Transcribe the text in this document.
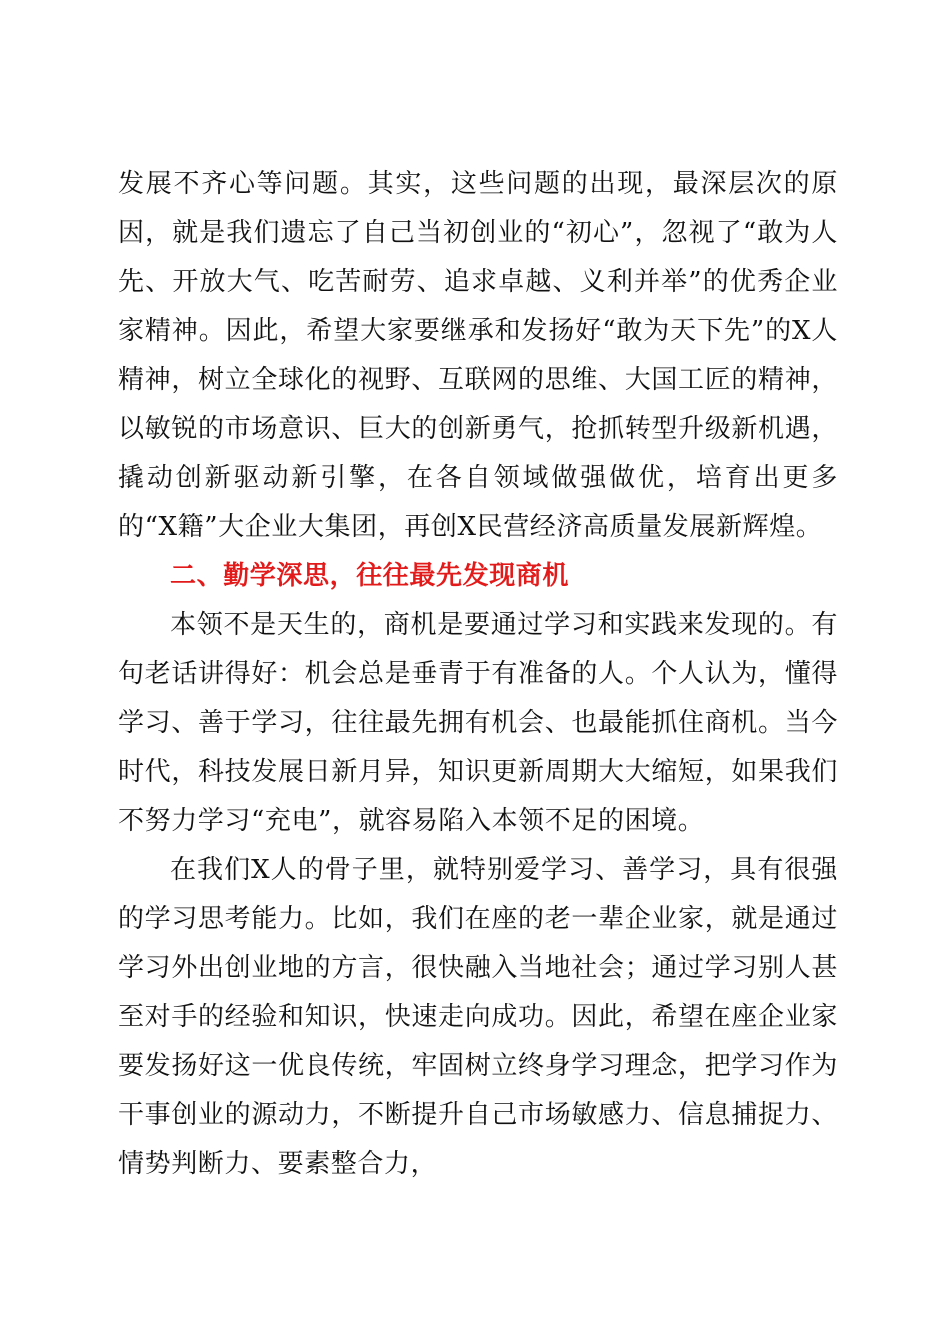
发展不齐心等问题。其实，这些问题的出现，最深层次的原因，就是我们遗忘了自己当初创业的“初心”，忽视了“敢为人先、开放大气、吃苦耐劳、追求卓越、义利并举”的优秀企业家精神。因此，希望大家要继承和发扬好“敢为天下先”的X人精神，树立全球化的视野、互联网的思维、大国工匠的精神，以敏锐的市场意识、巨大的创新勇气，抢抓转型升级新机遇，撬动创新驱动新引擎，在各自领域做强做优，培育出更多的“X籍”大企业大集团，再创X民营经济高质量发展新辉煌。

二、勤学深思，往往最先发现商机

本领不是天生的，商机是要通过学习和实践来发现的。有句老话讲得好：机会总是垂青于有准备的人。个人认为，懂得学习、善于学习，往往最先拥有机会、也最能抓住商机。当今时代，科技发展日新月异，知识更新周期大大缩短，如果我们不努力学习“充电”，就容易陷入本领不足的困境。

在我们X人的骨子里，就特别爱学习、善学习，具有很强的学习思考能力。比如，我们在座的老一辈企业家，就是通过学习外出创业地的方言，很快融入当地社会；通过学习别人甚至对手的经验和知识，快速走向成功。因此，希望在座企业家要发扬好这一优良传统，牢固树立终身学习理念，把学习作为干事创业的源动力，不断提升自己市场敏感力、信息捕捉力、情势判断力、要素整合力，
